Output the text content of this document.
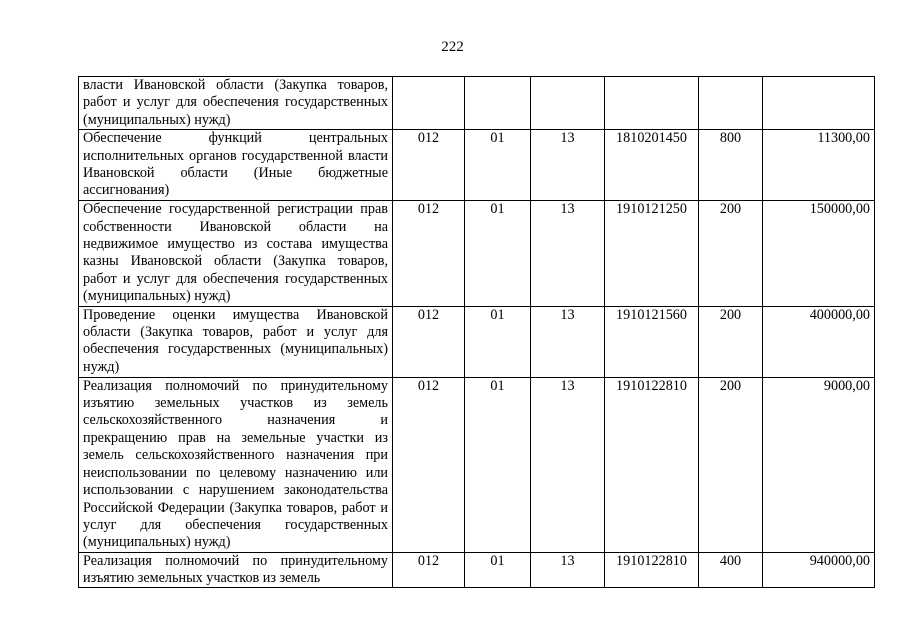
222
власти Ивановской области (Закупка товаров, работ и услуг для обеспечения государственных (муниципальных) нужд)						
Обеспечение функций центральных исполнительных органов государственной власти Ивановской области (Иные бюджетные ассигнования)	012	01	13	1810201450	800	11300,00
Обеспечение государственной регистрации прав собственности Ивановской области на недвижимое имущество из состава имущества казны Ивановской области (Закупка товаров, работ и услуг для обеспечения государственных (муниципальных) нужд)	012	01	13	1910121250	200	150000,00
Проведение оценки имущества Ивановской области (Закупка товаров, работ и услуг для обеспечения государственных (муниципальных) нужд)	012	01	13	1910121560	200	400000,00
Реализация полномочий по принудительному изъятию земельных участков из земель сельскохозяйственного назначения и прекращению прав на земельные участки из земель сельскохозяйственного назначения при неиспользовании по целевому назначению или использовании с нарушением законодательства Российской Федерации (Закупка товаров, работ и услуг для обеспечения государственных (муниципальных) нужд)	012	01	13	1910122810	200	9000,00

Реализация полномочий по принудительному изъятию земельных участков из земель	012	01	13	1910122810	400	940000,00
